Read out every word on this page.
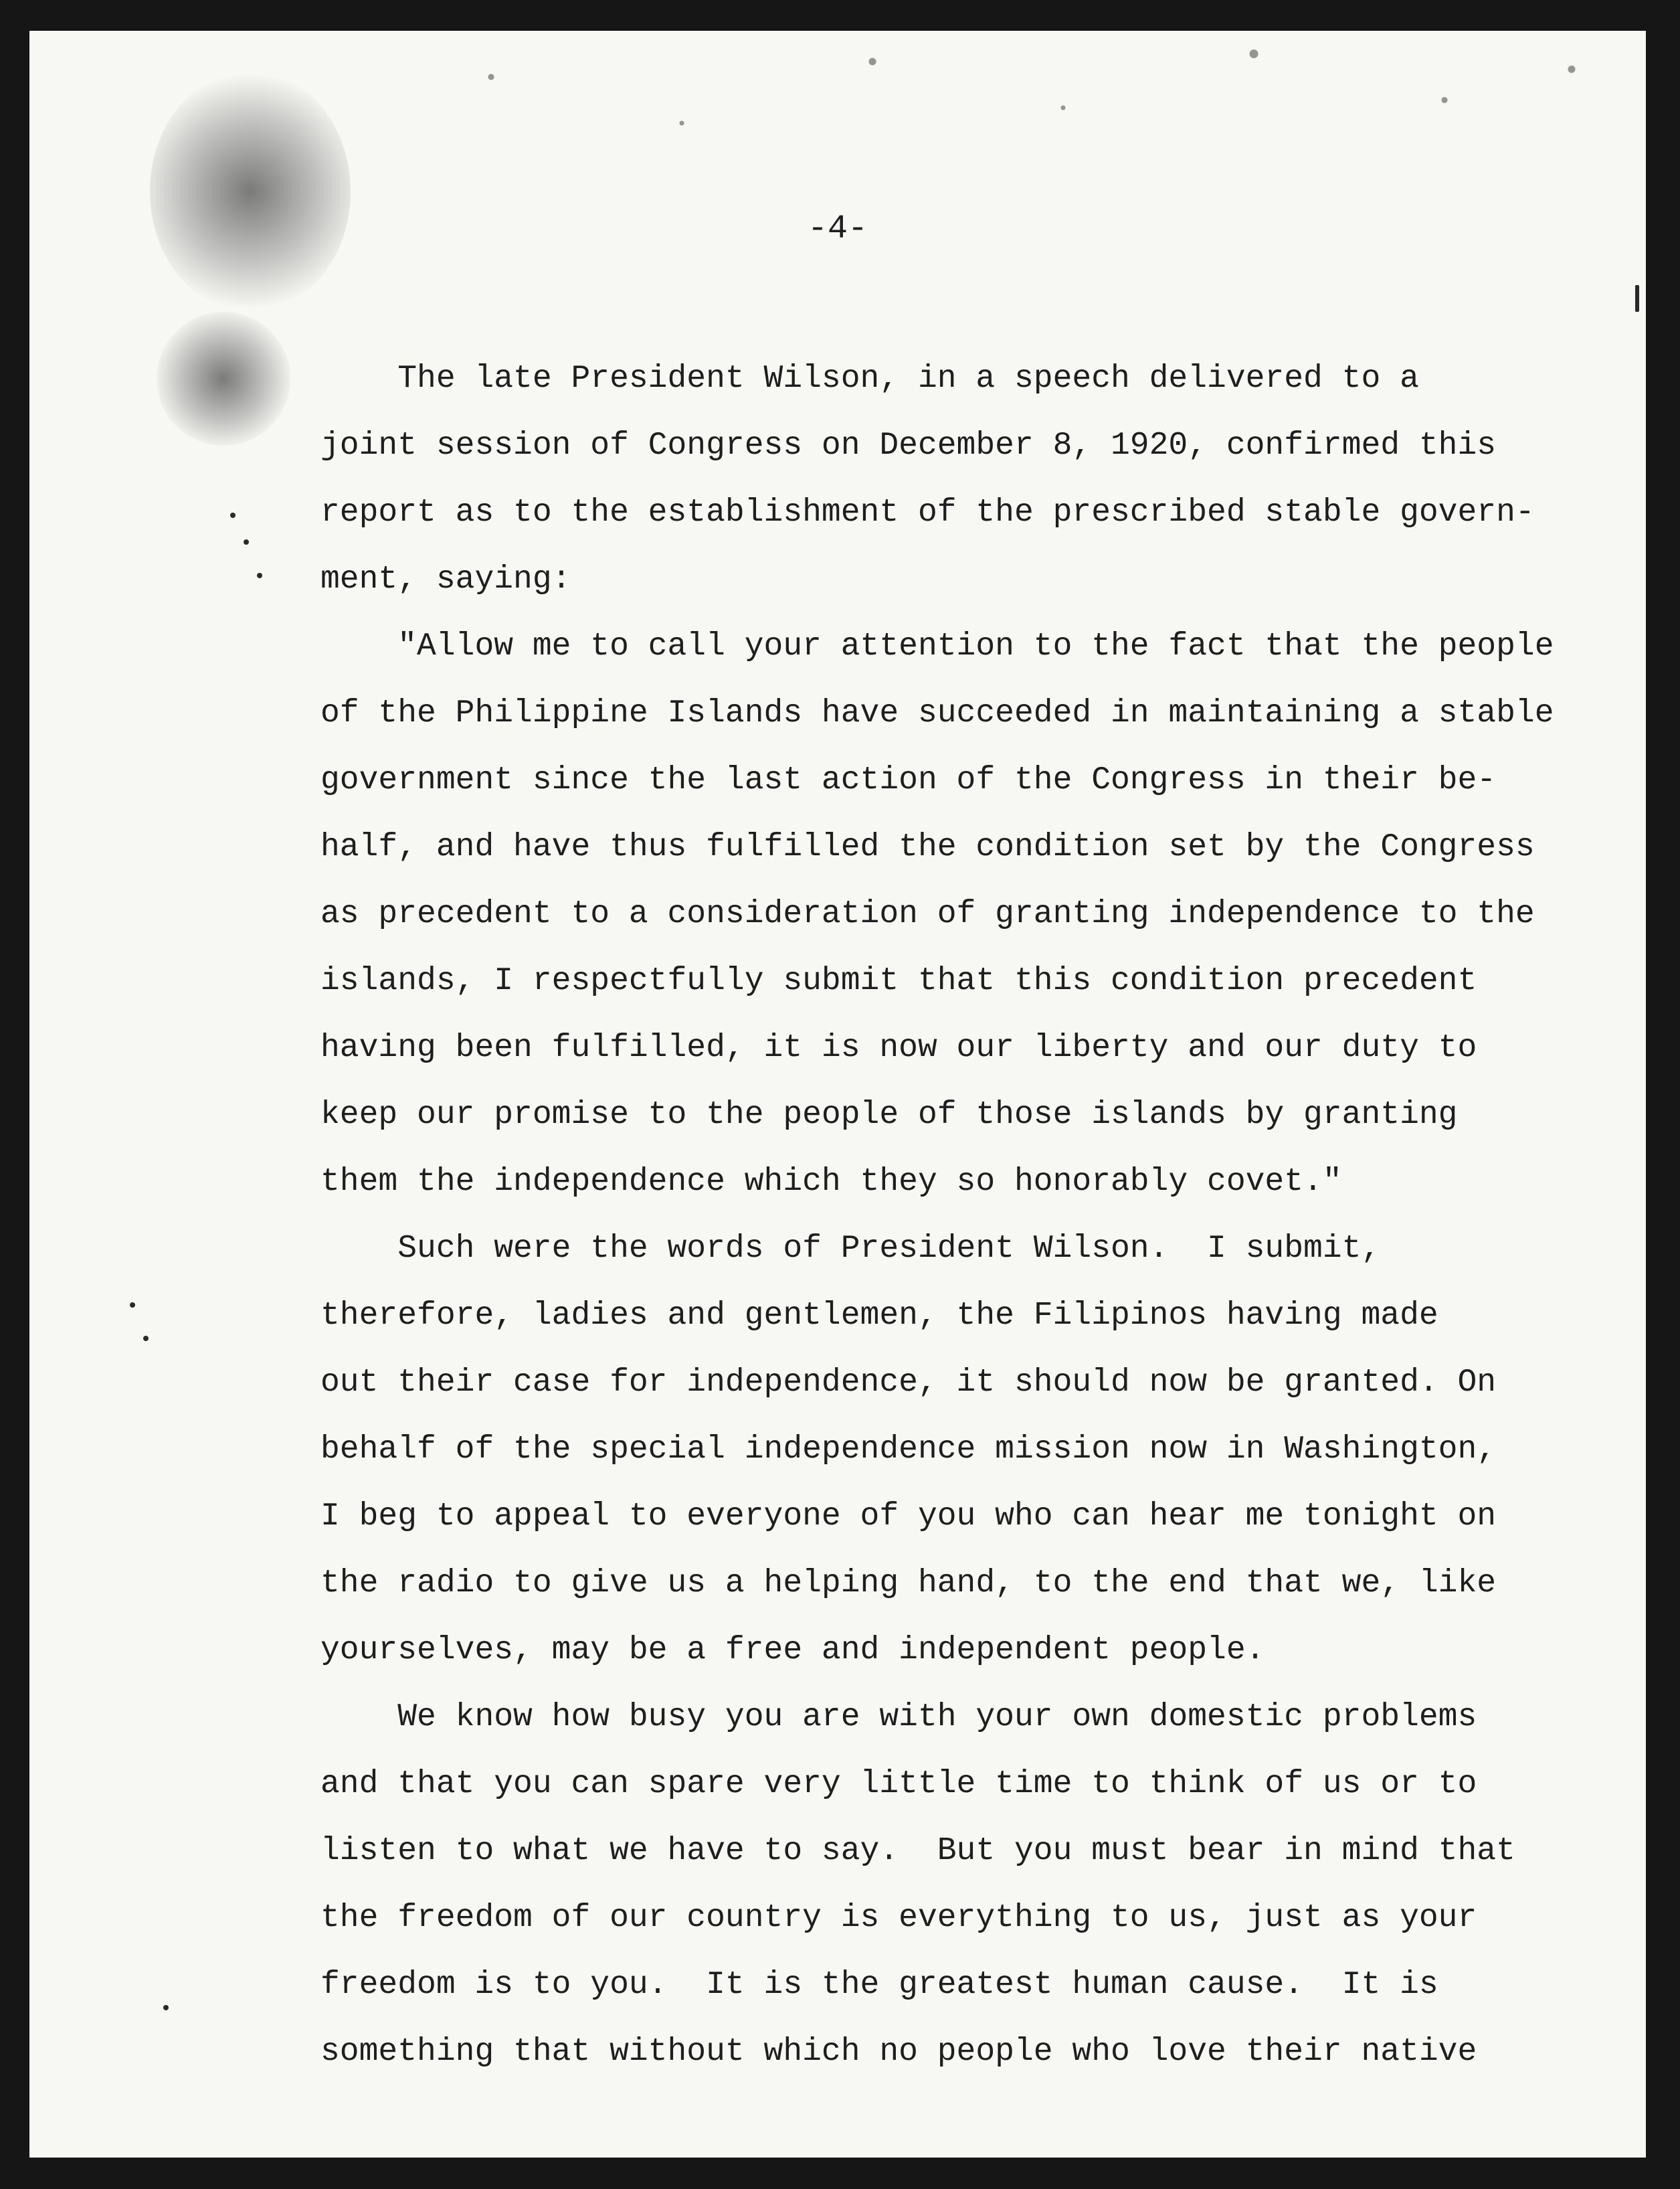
-4-
The late President Wilson, in a speech delivered to a
joint session of Congress on December 8, 1920, confirmed this
report as to the establishment of the prescribed stable govern-
ment, saying:
"Allow me to call your attention to the fact that the people
of the Philippine Islands have succeeded in maintaining a stable
government since the last action of the Congress in their be-
half, and have thus fulfilled the condition set by the Congress
as precedent to a consideration of granting independence to the
islands, I respectfully submit that this condition precedent
having been fulfilled, it is now our liberty and our duty to
keep our promise to the people of those islands by granting
them the independence which they so honorably covet."
Such were the words of President Wilson.  I submit,
therefore, ladies and gentlemen, the Filipinos having made
out their case for independence, it should now be granted. On
behalf of the special independence mission now in Washington,
I beg to appeal to everyone of you who can hear me tonight on
the radio to give us a helping hand, to the end that we, like
yourselves, may be a free and independent people.
We know how busy you are with your own domestic problems
and that you can spare very little time to think of us or to
listen to what we have to say.  But you must bear in mind that
the freedom of our country is everything to us, just as your
freedom is to you.  It is the greatest human cause.  It is
something that without which no people who love their native
